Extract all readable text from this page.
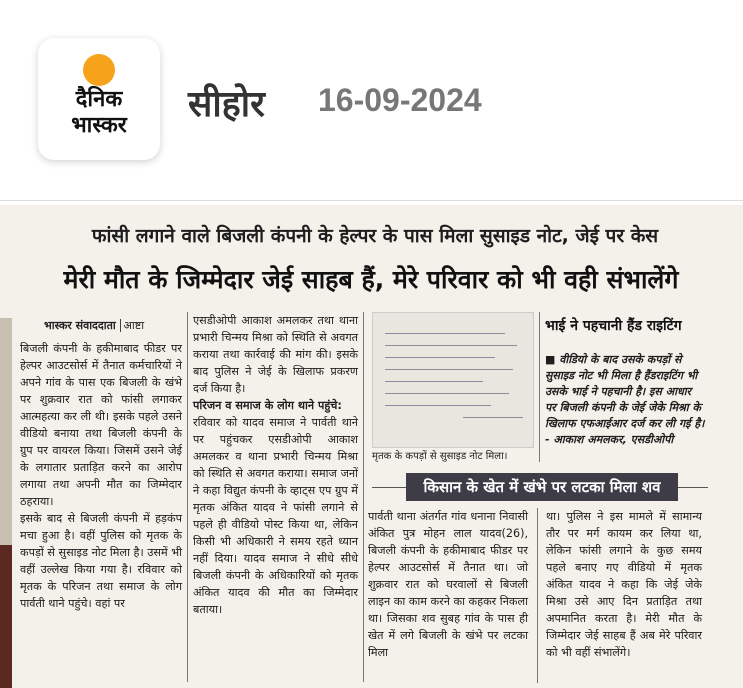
दैनिक
भास्कर
सीहोर 16-09-2024
फांसी लगाने वाले बिजली कंपनी के हेल्पर के पास मिला सुसाइड नोट, जेई पर केस
मेरी मौत के जिम्मेदार जेई साहब हैं, मेरे परिवार को भी वही संभालेंगे
भास्कर संवाददाता आष्टा

बिजली कंपनी के हकीमाबाद फीडर पर हेल्पर आउटसोर्स में तैनात कर्मचारियों ने अपने गांव के पास एक बिजली के खंभे पर शुक्रवार रात को फांसी लगाकर आत्महत्या कर ली थी। इसके पहले उसने वीडियो बनाया तथा बिजली कंपनी के ग्रुप पर वायरल किया। जिसमें उसने जेई के लगातार प्रताड़ित करने का आरोप लगाया तथा अपनी मौत का जिम्मेदार ठहराया।

इसके बाद से बिजली कंपनी में हड़कंप मचा हुआ है। वहीं पुलिस को मृतक के कपड़ों से सुसाइड नोट मिला है। उसमें भी वहीं उल्लेख किया गया है। रविवार को मृतक के परिजन तथा समाज के लोग पार्वती थाने पहुंचे। वहां पर

एसडीओपी आकाश अमलकर तथा थाना प्रभारी चिन्मय मिश्रा को स्थिति से अवगत कराया तथा कार्रवाई की मांग की। इसके बाद पुलिस ने जेई के खिलाफ प्रकरण दर्ज किया है।

परिजन व समाज के लोग थाने पहुंचे:
रविवार को यादव समाज ने पार्वती थाने पर पहुंचकर एसडीओपी आकाश अमलकर व थाना प्रभारी चिन्मय मिश्रा को स्थिति से अवगत कराया। समाज जनों ने कहा विद्युत कंपनी के व्हाट्स एप ग्रुप में मृतक अंकित यादव ने फांसी लगाने से पहले ही वीडियो पोस्ट किया था, लेकिन किसी भी अधिकारी ने समय रहते ध्यान नहीं दिया। यादव समाज ने सीधे सीधे बिजली कंपनी के अधिकारियों को मृतक अंकित यादव की मौत का जिम्मेदार बताया।

मृतक के कपड़ों से सुसाइड नोट मिला।
भाई ने पहचानी हैंड राइटिंग
■ वीडियो के बाद उसके कपड़ों से सुसाइड नोट भी मिला है हैंडराइटिंग भी उसके भाई ने पहचानी है। इस आधार पर बिजली कंपनी के जेई जेके मिश्रा के खिलाफ एफआईआर दर्ज कर ली गई है। - आकाश अमलकर, एसडीओपी
किसान के खेत में खंभे पर लटका मिला शव

पार्वती थाना अंतर्गत गांव धनाना निवासी अंकित पुत्र मोहन लाल यादव(26), बिजली कंपनी के हकीमाबाद फीडर पर हेल्पर आउटसोर्स में तैनात था। जो शुक्रवार रात को घरवालों से बिजली लाइन का काम करने का कहकर निकला था। जिसका शव सुबह गांव के पास ही खेत में लगे बिजली के खंभे पर लटका मिला

था। पुलिस ने इस मामले में सामान्य तौर पर मर्ग कायम कर लिया था, लेकिन फांसी लगाने के कुछ समय पहले बनाए गए वीडियो में मृतक अंकित यादव ने कहा कि जेई जेके मिश्रा उसे आए दिन प्रताड़ित तथा अपमानित करता है। मेरी मौत के जिम्मेदार जेई साहब हैं अब मेरे परिवार को भी वहीं संभालेंगे।
